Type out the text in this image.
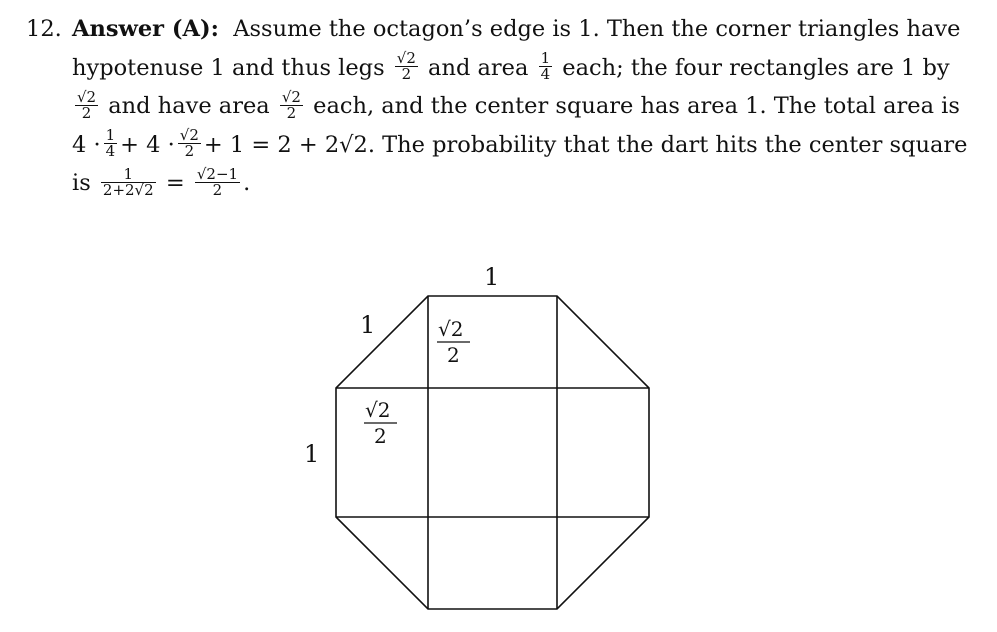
12. Answer (A): Assume the octagon’s edge is 1. Then the corner triangles have
hypotenuse 1 and thus legs $\frac{√2}{2}$ and area $\frac{1}{4}$ each; the four rectangles are 1 by
$\frac{√2}{2}$ and have area $\frac{√2}{2}$ each, and the center square has area 1. The total area is
$4 \cdot \frac{1}{4} + 4 \cdot \frac{√2}{2} + 1 = 2 + 2√2$. The probability that the dart hits the center square
is $\frac{1}{2+2√2} = \frac{√2-1}{2}$ .
1
1
1
√2
2
√2
2
